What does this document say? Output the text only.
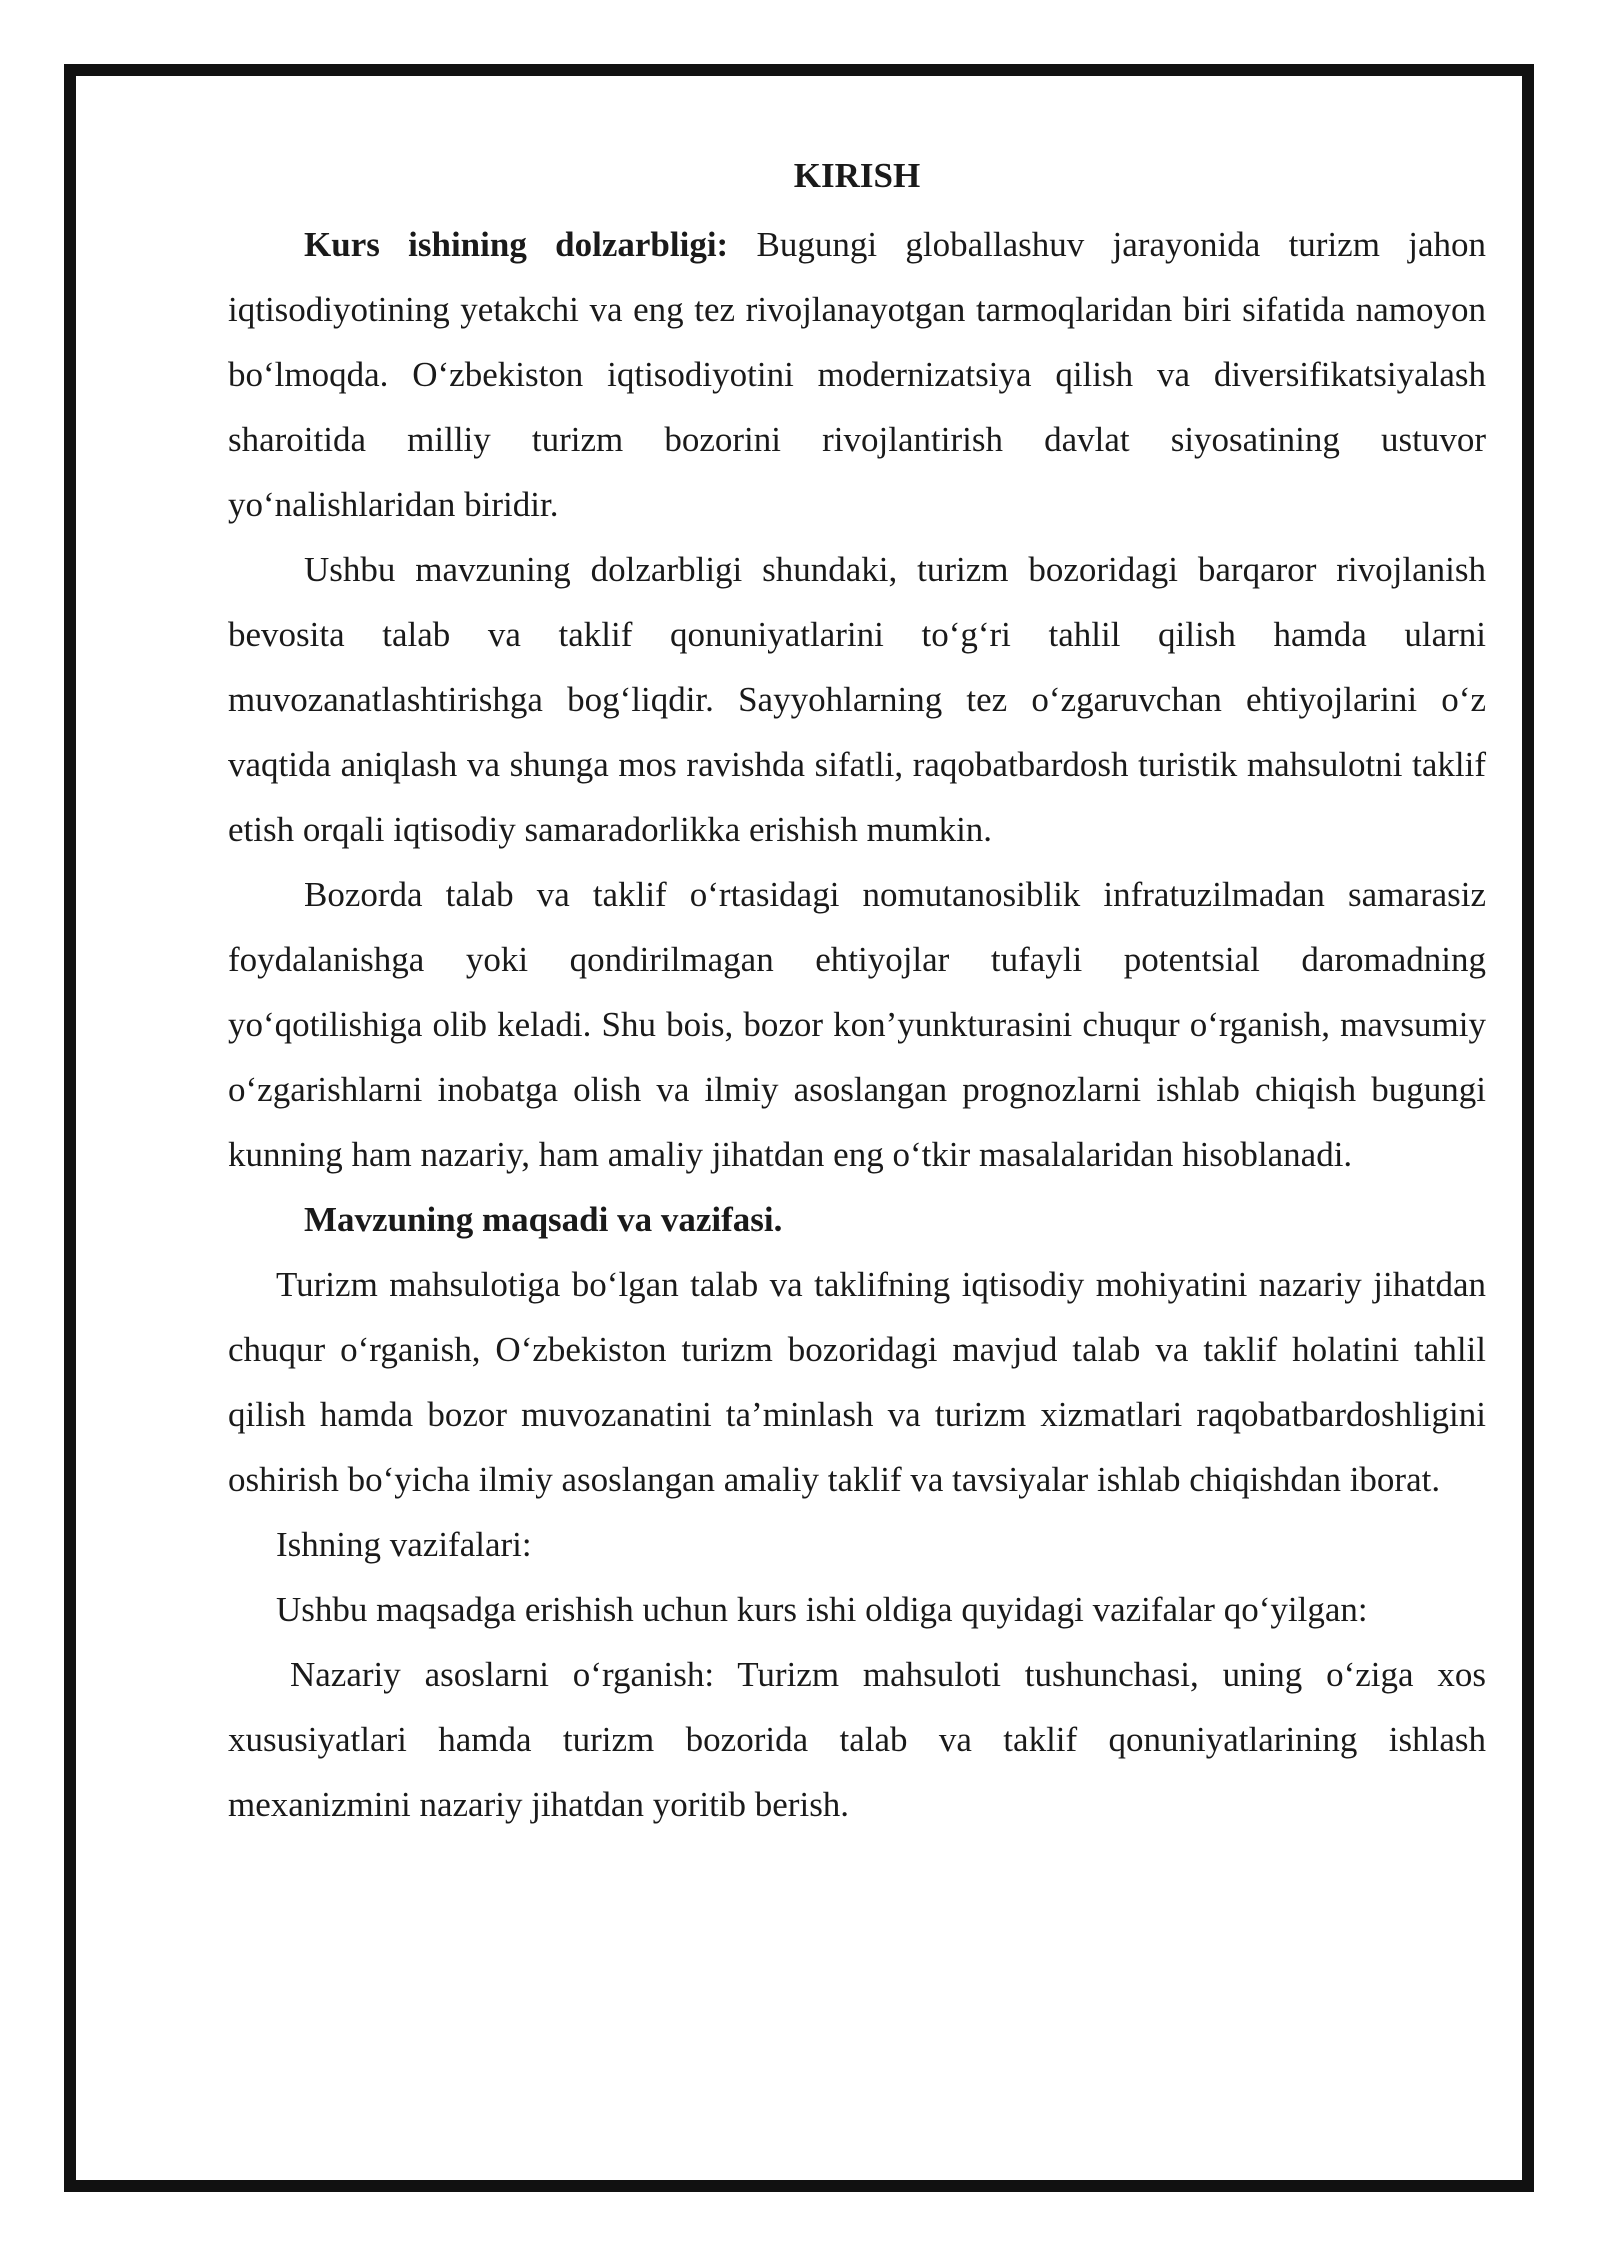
KIRISH

Kurs ishining dolzarbligi: Bugungi globallashuv jarayonida turizm jahon iqtisodiyotining yetakchi va eng tez rivojlanayotgan tarmoqlaridan biri sifatida namoyon boʻlmoqda. Oʻzbekiston iqtisodiyotini modernizatsiya qilish va diversifikatsiyalash sharoitida milliy turizm bozorini rivojlantirish davlat siyosatining ustuvor yoʻnalishlaridan biridir.

Ushbu mavzuning dolzarbligi shundaki, turizm bozoridagi barqaror rivojlanish bevosita talab va taklif qonuniyatlarini toʻgʻri tahlil qilish hamda ularni muvozanatlashtirishga bogʻliqdir. Sayyohlarning tez oʻzgaruvchan ehtiyojlarini oʻz vaqtida aniqlash va shunga mos ravishda sifatli, raqobatbardosh turistik mahsulotni taklif etish orqali iqtisodiy samaradorlikka erishish mumkin.

Bozorda talab va taklif oʻrtasidagi nomutanosiblik infratuzilmadan samarasiz foydalanishga yoki qondirilmagan ehtiyojlar tufayli potentsial daromadning yoʻqotilishiga olib keladi. Shu bois, bozor kon’yunkturasini chuqur oʻrganish, mavsumiy oʻzgarishlarni inobatga olish va ilmiy asoslangan prognozlarni ishlab chiqish bugungi kunning ham nazariy, ham amaliy jihatdan eng oʻtkir masalalaridan hisoblanadi.

Mavzuning maqsadi va vazifasi.

Turizm mahsulotiga boʻlgan talab va taklifning iqtisodiy mohiyatini nazariy jihatdan chuqur oʻrganish, Oʻzbekiston turizm bozoridagi mavjud talab va taklif holatini tahlil qilish hamda bozor muvozanatini ta’minlash va turizm xizmatlari raqobatbardoshligini oshirish boʻyicha ilmiy asoslangan amaliy taklif va tavsiyalar ishlab chiqishdan iborat.

Ishning vazifalari:

Ushbu maqsadga erishish uchun kurs ishi oldiga quyidagi vazifalar qoʻyilgan:

Nazariy asoslarni oʻrganish: Turizm mahsuloti tushunchasi, uning oʻziga xos xususiyatlari hamda turizm bozorida talab va taklif qonuniyatlarining ishlash mexanizmini nazariy jihatdan yoritib berish.
